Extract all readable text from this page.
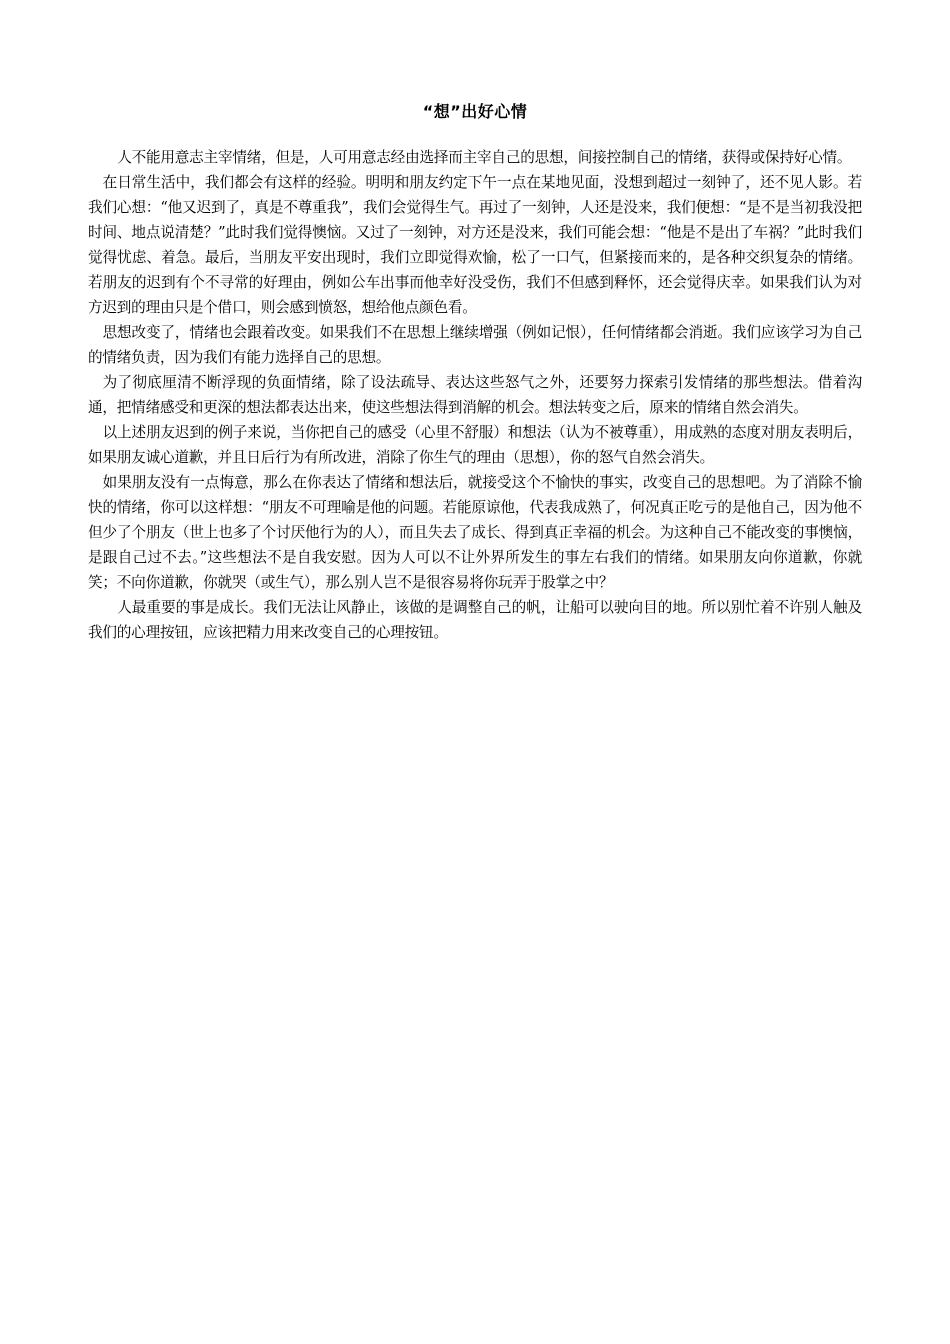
“想”出好心情

人不能用意志主宰情绪，但是，人可用意志经由选择而主宰自己的思想，间接控制自己的情绪，获得或保持好心情。

在日常生活中，我们都会有这样的经验。明明和朋友约定下午一点在某地见面，没想到超过一刻钟了，还不见人影。若我们心想：“他又迟到了，真是不尊重我”，我们会觉得生气。再过了一刻钟，人还是没来，我们便想：“是不是当初我没把时间、地点说清楚？”此时我们觉得懊恼。又过了一刻钟，对方还是没来，我们可能会想：“他是不是出了车祸？”此时我们觉得忧虑、着急。最后，当朋友平安出现时，我们立即觉得欢愉，松了一口气，但紧接而来的，是各种交织复杂的情绪。若朋友的迟到有个不寻常的好理由，例如公车出事而他幸好没受伤，我们不但感到释怀，还会觉得庆幸。如果我们认为对方迟到的理由只是个借口，则会感到愤怒，想给他点颜色看。

思想改变了，情绪也会跟着改变。如果我们不在思想上继续增强（例如记恨），任何情绪都会消逝。我们应该学习为自己的情绪负责，因为我们有能力选择自己的思想。

为了彻底厘清不断浮现的负面情绪，除了设法疏导、表达这些怒气之外，还要努力探索引发情绪的那些想法。借着沟通，把情绪感受和更深的想法都表达出来，使这些想法得到消解的机会。想法转变之后，原来的情绪自然会消失。

以上述朋友迟到的例子来说，当你把自己的感受（心里不舒服）和想法（认为不被尊重），用成熟的态度对朋友表明后，如果朋友诚心道歉，并且日后行为有所改进，消除了你生气的理由（思想），你的怒气自然会消失。

如果朋友没有一点悔意，那么在你表达了情绪和想法后，就接受这个不愉快的事实，改变自己的思想吧。为了消除不愉快的情绪，你可以这样想：“朋友不可理喻是他的问题。若能原谅他，代表我成熟了，何况真正吃亏的是他自己，因为他不但少了个朋友（世上也多了个讨厌他行为的人），而且失去了成长、得到真正幸福的机会。为这种自己不能改变的事懊恼，是跟自己过不去。”这些想法不是自我安慰。因为人可以不让外界所发生的事左右我们的情绪。如果朋友向你道歉，你就笑；不向你道歉，你就哭（或生气），那么别人岂不是很容易将你玩弄于股掌之中？

人最重要的事是成长。我们无法让风静止，该做的是调整自己的帆，让船可以驶向目的地。所以别忙着不许别人触及我们的心理按钮，应该把精力用来改变自己的心理按钮。
